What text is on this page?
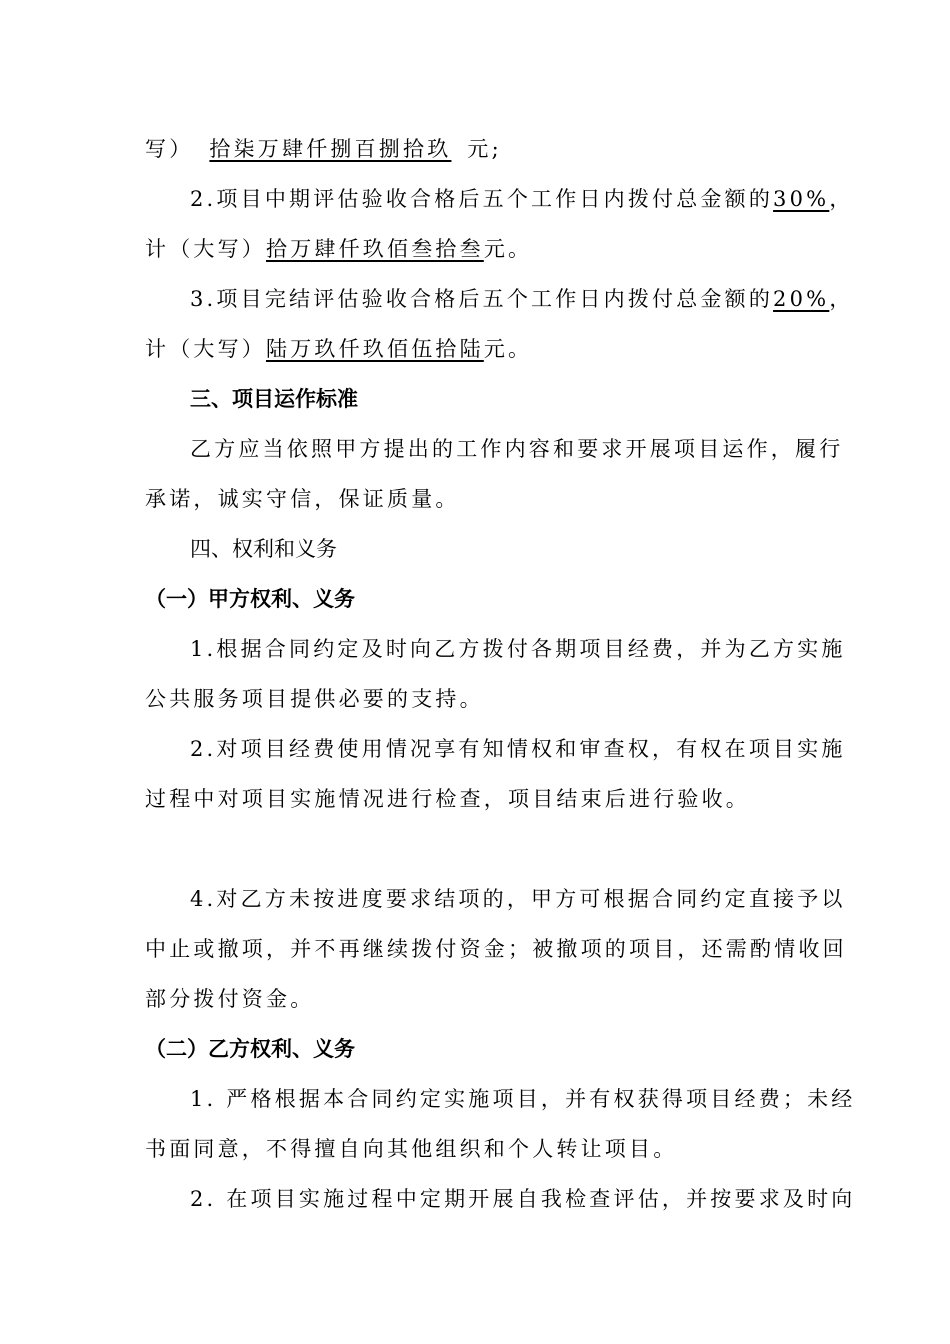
写） 拾柒万肆仟捌百捌拾玖 元;
2.项目中期评估验收合格后五个工作日内拨付总金额的30%，
计（大写）拾万肆仟玖佰叁拾叁元。
3.项目完结评估验收合格后五个工作日内拨付总金额的20%，
计（大写）陆万玖仟玖佰伍拾陆元。
三、项目运作标准
乙方应当依照甲方提出的工作内容和要求开展项目运作，履行
承诺，诚实守信，保证质量。
四、权利和义务
（一）甲方权利、义务
1.根据合同约定及时向乙方拨付各期项目经费，并为乙方实施
公共服务项目提供必要的支持。
2.对项目经费使用情况享有知情权和审查权，有权在项目实施
过程中对项目实施情况进行检查，项目结束后进行验收。
4.对乙方未按进度要求结项的，甲方可根据合同约定直接予以
中止或撤项，并不再继续拨付资金；被撤项的项目，还需酌情收回
部分拨付资金。
（二）乙方权利、义务
1. 严格根据本合同约定实施项目，并有权获得项目经费；未经
书面同意，不得擅自向其他组织和个人转让项目。
2. 在项目实施过程中定期开展自我检查评估，并按要求及时向
